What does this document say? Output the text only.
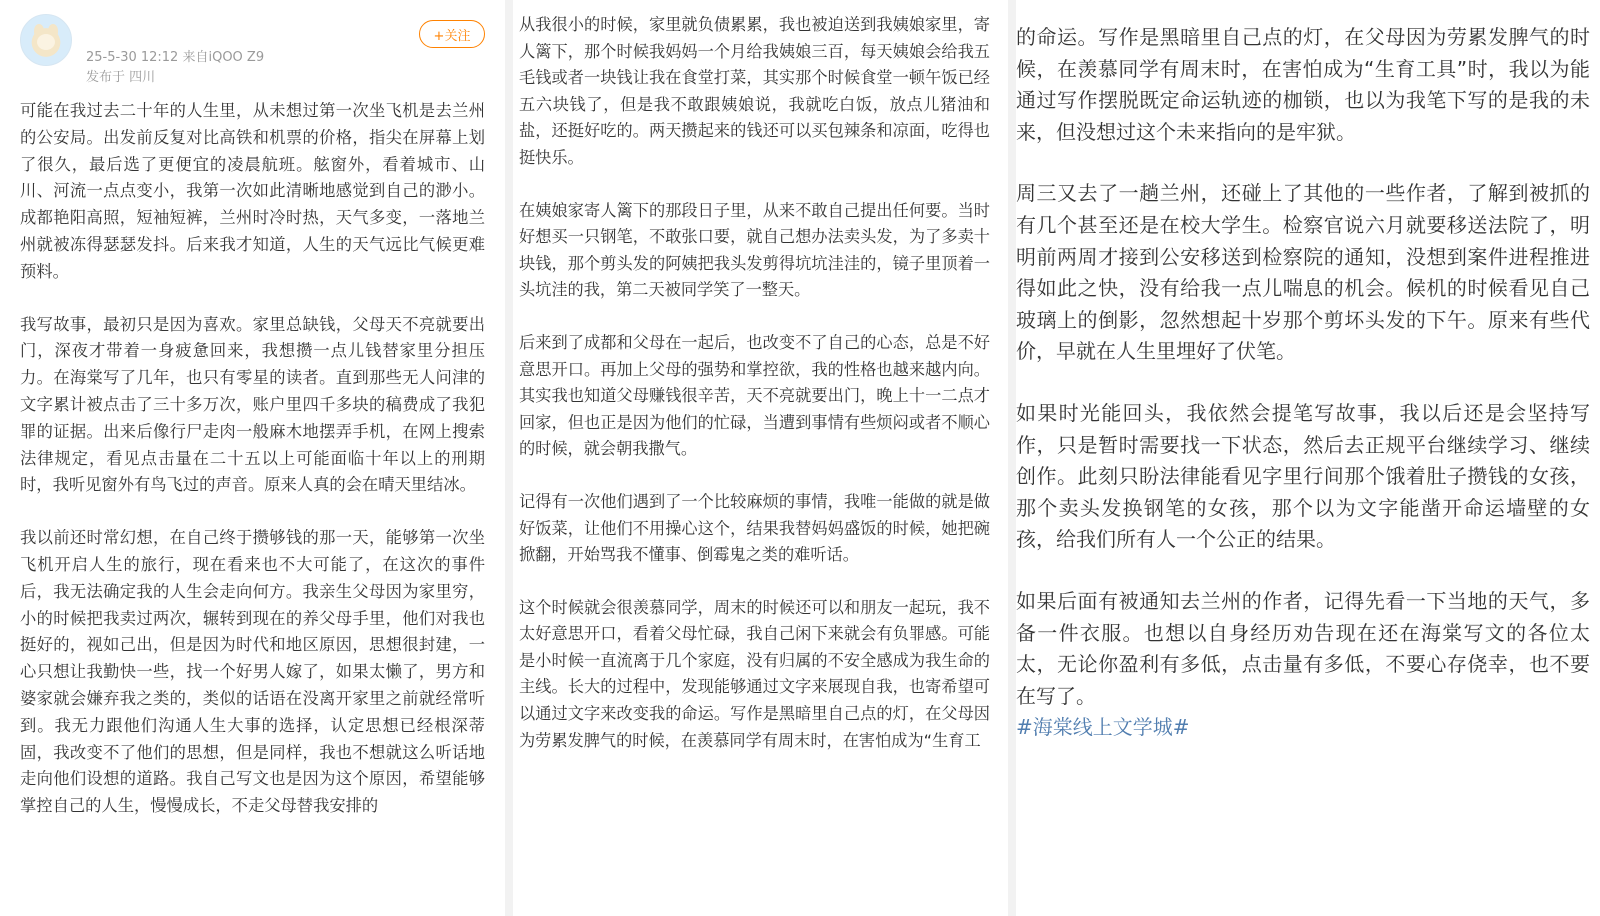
25-5-30 12:12 来自iQOO Z9
发布于 四川
+关注

可能在我过去二十年的人生里，从未想过第一次坐飞机是去兰州的公安局。出发前反复对比高铁和机票的价格，指尖在屏幕上划了很久，最后选了更便宜的凌晨航班。舷窗外，看着城市、山川、河流一点点变小，我第一次如此清晰地感觉到自己的渺小。成都艳阳高照，短袖短裤，兰州时冷时热，天气多变，一落地兰州就被冻得瑟瑟发抖。后来我才知道，人生的天气远比气候更难预料。

我写故事，最初只是因为喜欢。家里总缺钱，父母天不亮就要出门，深夜才带着一身疲惫回来，我想攒一点儿钱替家里分担压力。在海棠写了几年，也只有零星的读者。直到那些无人问津的文字累计被点击了三十多万次，账户里四千多块的稿费成了我犯罪的证据。出来后像行尸走肉一般麻木地摆弄手机，在网上搜索法律规定，看见点击量在二十五以上可能面临十年以上的刑期时，我听见窗外有鸟飞过的声音。原来人真的会在晴天里结冰。

我以前还时常幻想，在自己终于攒够钱的那一天，能够第一次坐飞机开启人生的旅行，现在看来也不大可能了，在这次的事件后，我无法确定我的人生会走向何方。我亲生父母因为家里穷，小的时候把我卖过两次，辗转到现在的养父母手里，他们对我也挺好的，视如己出，但是因为时代和地区原因，思想很封建，一心只想让我勤快一些，找一个好男人嫁了，如果太懒了，男方和婆家就会嫌弃我之类的，类似的话语在没离开家里之前就经常听到。我无力跟他们沟通人生大事的选择，认定思想已经根深蒂固，我改变不了他们的思想，但是同样，我也不想就这么听话地走向他们设想的道路。我自己写文也是因为这个原因，希望能够掌控自己的人生，慢慢成长，不走父母替我安排的

从我很小的时候，家里就负债累累，我也被迫送到我姨娘家里，寄人篱下，那个时候我妈妈一个月给我姨娘三百，每天姨娘会给我五毛钱或者一块钱让我在食堂打菜，其实那个时候食堂一顿午饭已经五六块钱了，但是我不敢跟姨娘说，我就吃白饭，放点儿猪油和盐，还挺好吃的。两天攒起来的钱还可以买包辣条和凉面，吃得也挺快乐。

在姨娘家寄人篱下的那段日子里，从来不敢自己提出任何要。当时好想买一只钢笔，不敢张口要，就自己想办法卖头发，为了多卖十块钱，那个剪头发的阿姨把我头发剪得坑坑洼洼的，镜子里顶着一头坑洼的我，第二天被同学笑了一整天。

后来到了成都和父母在一起后，也改变不了自己的心态，总是不好意思开口。再加上父母的强势和掌控欲，我的性格也越来越内向。其实我也知道父母赚钱很辛苦，天不亮就要出门，晚上十一二点才回家，但也正是因为他们的忙碌，当遭到事情有些烦闷或者不顺心的时候，就会朝我撒气。

记得有一次他们遇到了一个比较麻烦的事情，我唯一能做的就是做好饭菜，让他们不用操心这个，结果我替妈妈盛饭的时候，她把碗掀翻，开始骂我不懂事、倒霉鬼之类的难听话。

这个时候就会很羡慕同学，周末的时候还可以和朋友一起玩，我不太好意思开口，看着父母忙碌，我自己闲下来就会有负罪感。可能是小时候一直流离于几个家庭，没有归属的不安全感成为我生命的主线。长大的过程中，发现能够通过文字来展现自我，也寄希望可以通过文字来改变我的命运。写作是黑暗里自己点的灯，在父母因为劳累发脾气的时候，在羡慕同学有周末时，在害怕成为“生育工

的命运。写作是黑暗里自己点的灯，在父母因为劳累发脾气的时候，在羡慕同学有周末时，在害怕成为“生育工具”时，我以为能通过写作摆脱既定命运轨迹的枷锁，也以为我笔下写的是我的未来，但没想过这个未来指向的是牢狱。

周三又去了一趟兰州，还碰上了其他的一些作者，了解到被抓的有几个甚至还是在校大学生。检察官说六月就要移送法院了，明明前两周才接到公安移送到检察院的通知，没想到案件进程推进得如此之快，没有给我一点儿喘息的机会。候机的时候看见自己玻璃上的倒影，忽然想起十岁那个剪坏头发的下午。原来有些代价，早就在人生里埋好了伏笔。

如果时光能回头，我依然会提笔写故事，我以后还是会坚持写作，只是暂时需要找一下状态，然后去正规平台继续学习、继续创作。此刻只盼法律能看见字里行间那个饿着肚子攒钱的女孩，那个卖头发换钢笔的女孩，那个以为文字能凿开命运墙壁的女孩，给我们所有人一个公正的结果。

如果后面有被通知去兰州的作者，记得先看一下当地的天气，多备一件衣服。也想以自身经历劝告现在还在海棠写文的各位太太，无论你盈利有多低，点击量有多低，不要心存侥幸，也不要在写了。

#海棠线上文学城#
